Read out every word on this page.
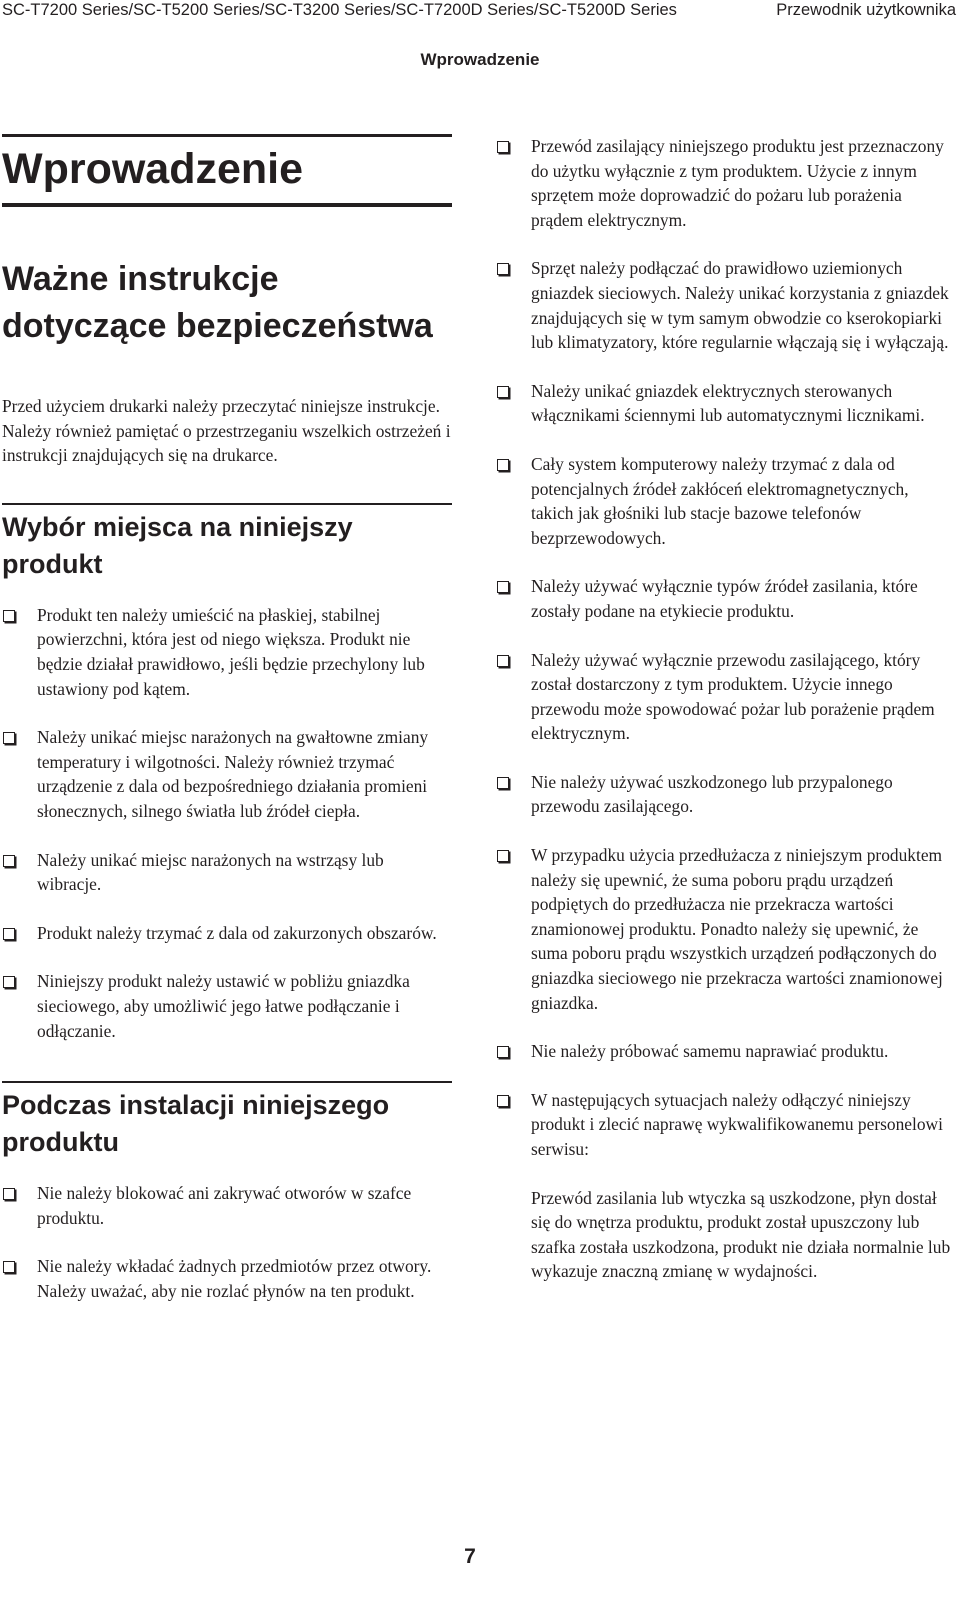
SC-T7200 Series/SC-T5200 Series/SC-T3200 Series/SC-T7200D Series/SC-T5200D Series	Przewodnik użytkownika
Wprowadzenie
Wprowadzenie
Ważne instrukcje dotyczące bezpieczeństwa

Przed użyciem drukarki należy przeczytać niniejsze instrukcje. Należy również pamiętać o przestrzeganiu wszelkich ostrzeżeń i instrukcji znajdujących się na drukarce.

Wybór miejsca na niniejszy produkt
Produkt ten należy umieścić na płaskiej, stabilnej powierzchni, która jest od niego większa. Produkt nie będzie działał prawidłowo, jeśli będzie przechylony lub ustawiony pod kątem.
Należy unikać miejsc narażonych na gwałtowne zmiany temperatury i wilgotności. Należy również trzymać urządzenie z dala od bezpośredniego działania promieni słonecznych, silnego światła lub źródeł ciepła.
Należy unikać miejsc narażonych na wstrząsy lub wibracje.
Produkt należy trzymać z dala od zakurzonych obszarów.
Niniejszy produkt należy ustawić w pobliżu gniazdka sieciowego, aby umożliwić jego łatwe podłączanie i odłączanie.
Podczas instalacji niniejszego produktu
Nie należy blokować ani zakrywać otworów w szafce produktu.
Nie należy wkładać żadnych przedmiotów przez otwory. Należy uważać, aby nie rozlać płynów na ten produkt.
Przewód zasilający niniejszego produktu jest przeznaczony do użytku wyłącznie z tym produktem. Użycie z innym sprzętem może doprowadzić do pożaru lub porażenia prądem elektrycznym.
Sprzęt należy podłączać do prawidłowo uziemionych gniazdek sieciowych. Należy unikać korzystania z gniazdek znajdujących się w tym samym obwodzie co kserokopiarki lub klimatyzatory, które regularnie włączają się i wyłączają.
Należy unikać gniazdek elektrycznych sterowanych włącznikami ściennymi lub automatycznymi licznikami.
Cały system komputerowy należy trzymać z dala od potencjalnych źródeł zakłóceń elektromagnetycznych, takich jak głośniki lub stacje bazowe telefonów bezprzewodowych.
Należy używać wyłącznie typów źródeł zasilania, które zostały podane na etykiecie produktu.
Należy używać wyłącznie przewodu zasilającego, który został dostarczony z tym produktem. Użycie innego przewodu może spowodować pożar lub porażenie prądem elektrycznym.
Nie należy używać uszkodzonego lub przypalonego przewodu zasilającego.
W przypadku użycia przedłużacza z niniejszym produktem należy się upewnić, że suma poboru prądu urządzeń podpiętych do przedłużacza nie przekracza wartości znamionowej produktu. Ponadto należy się upewnić, że suma poboru prądu wszystkich urządzeń podłączonych do gniazdka sieciowego nie przekracza wartości znamionowej gniazdka.
Nie należy próbować samemu naprawiać produktu.
W następujących sytuacjach należy odłączyć niniejszy produkt i zlecić naprawę wykwalifikowanemu personelowi serwisu:

Przewód zasilania lub wtyczka są uszkodzone, płyn dostał się do wnętrza produktu, produkt został upuszczony lub szafka została uszkodzona, produkt nie działa normalnie lub wykazuje znaczną zmianę w wydajności.

7
